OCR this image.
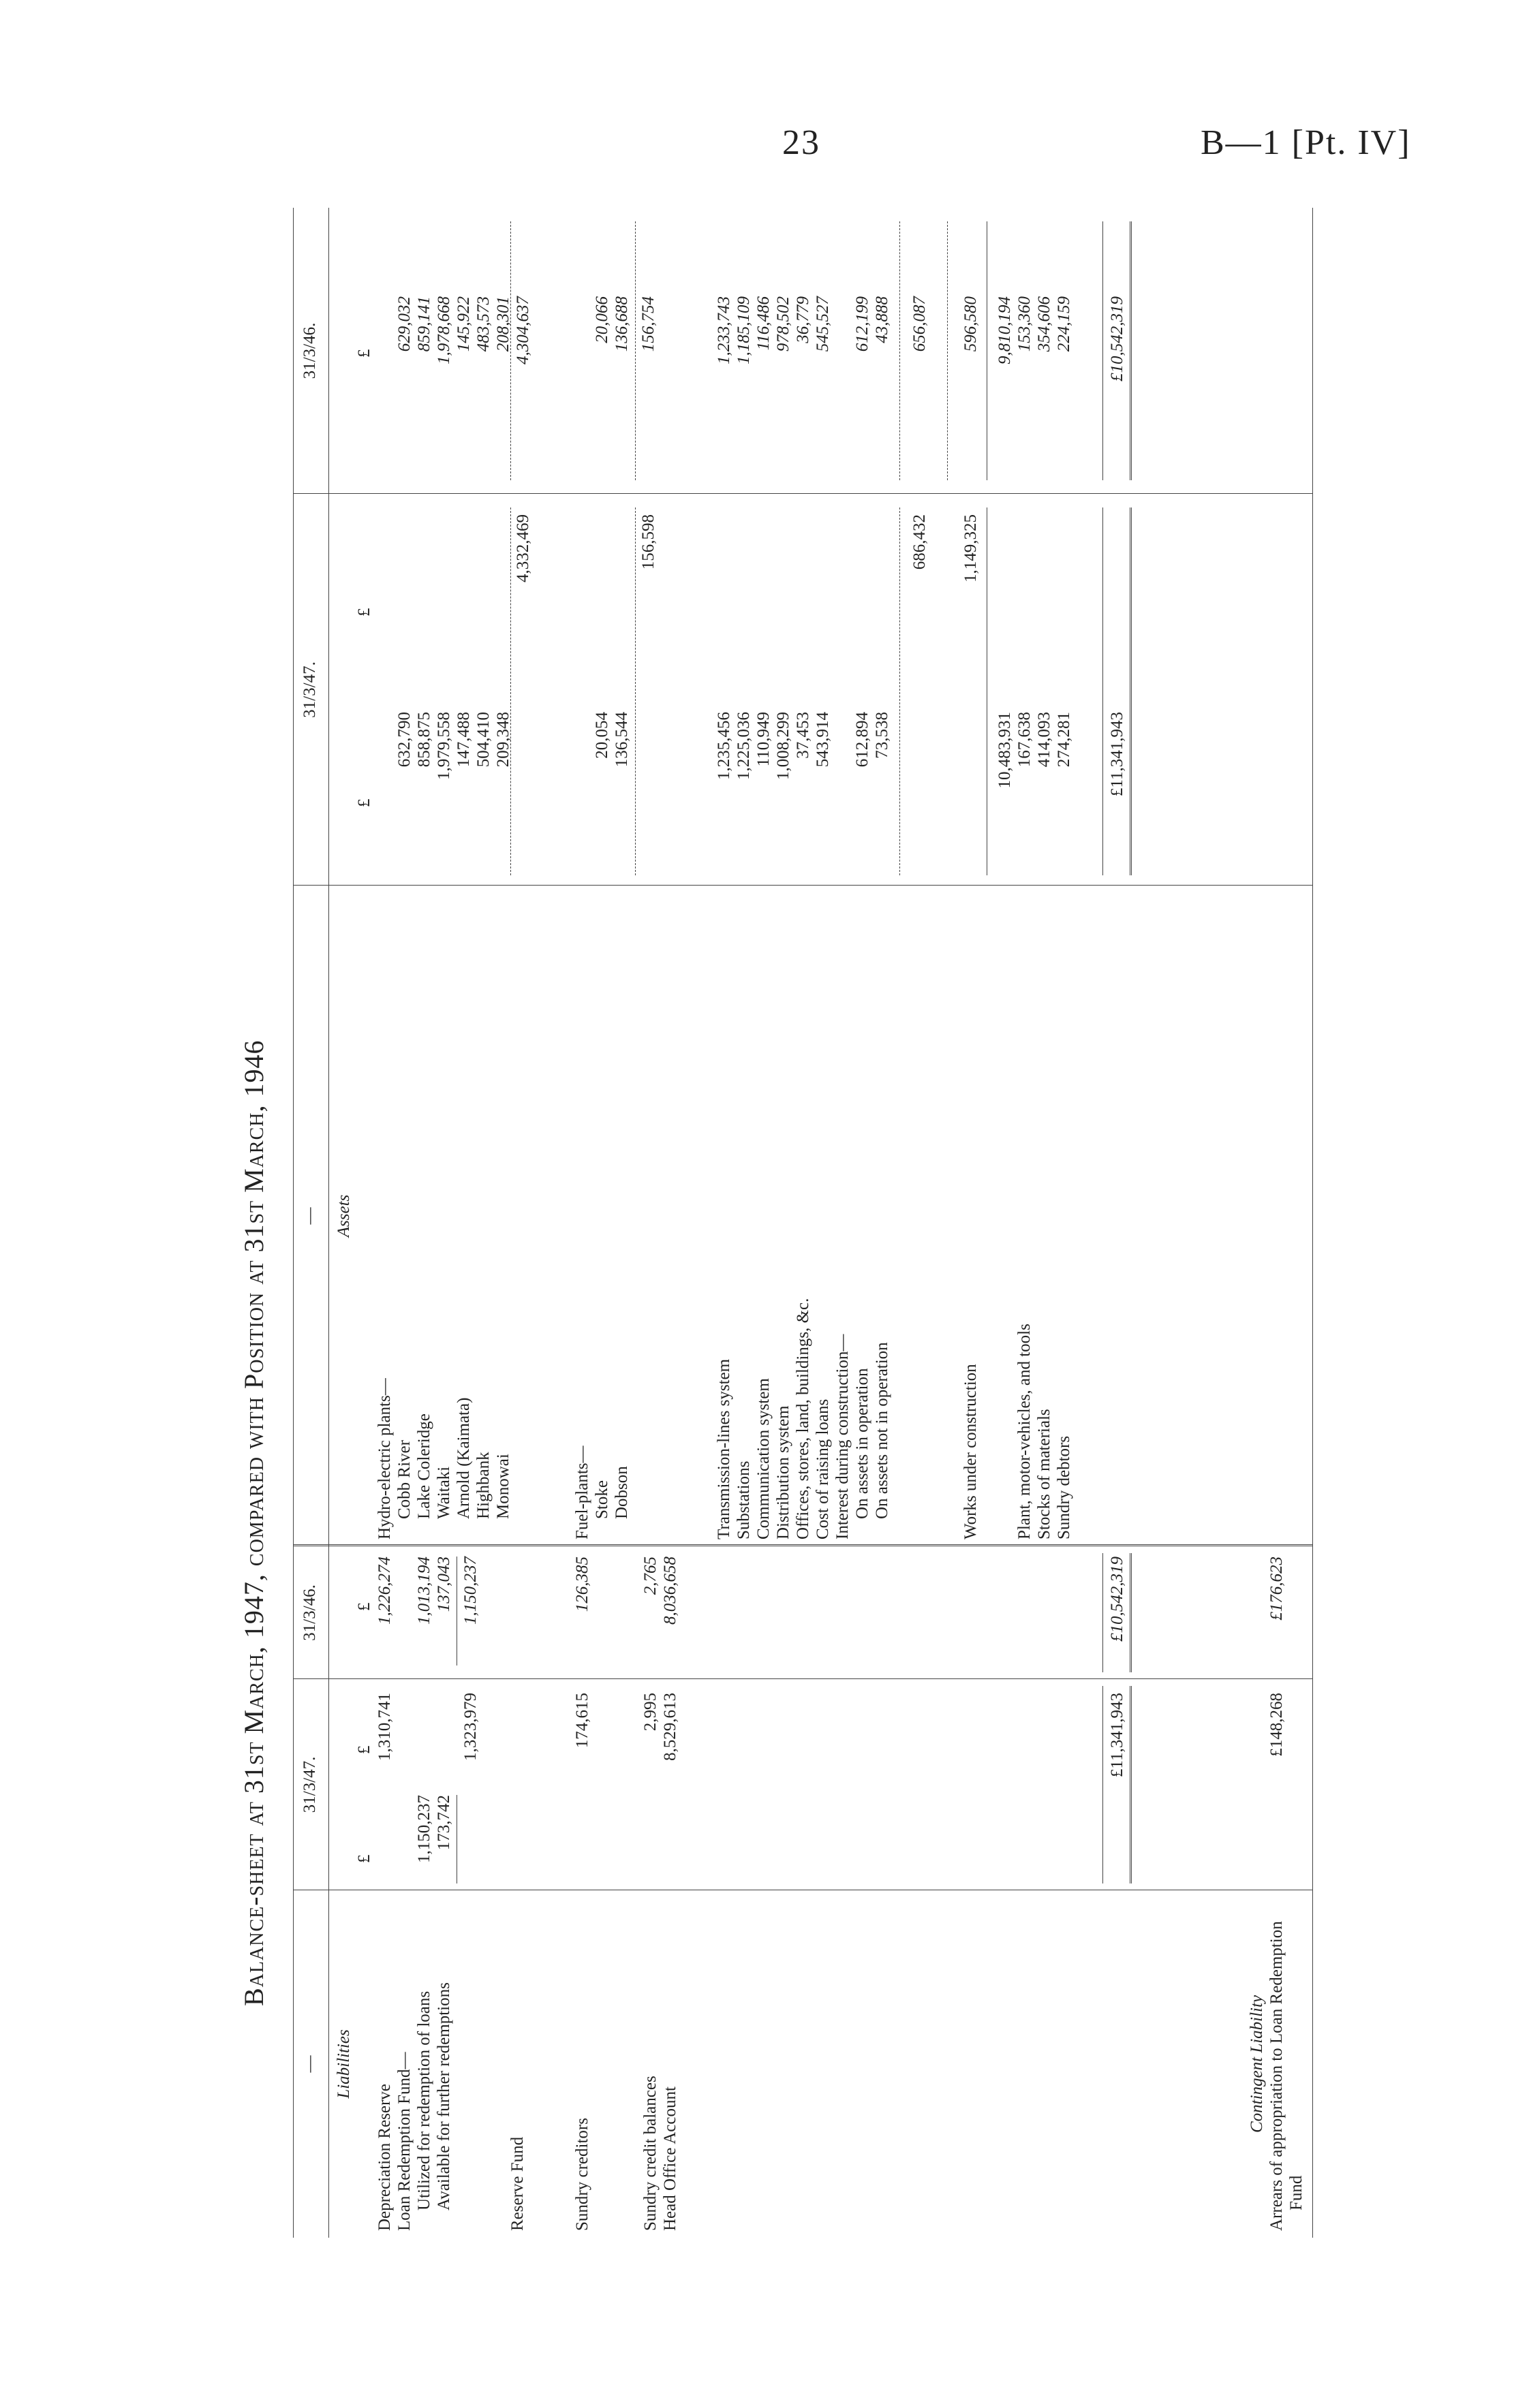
23	B—1 [Pt. IV]
Balance-sheet at 31st March, 1947, compared with Position at 31st March, 1946
—
31/3/47.
31/3/46.
—
31/3/47.
31/3/46.
Liabilities
£
£
£
Depreciation Reserve
1,310,741
1,226,274
Loan Redemption Fund— Utilized for redemption of loans
1,150,237
1,013,194
Available for further redemptions
173,742
137,043
1,323,979
1,150,237
Reserve Fund	Sundry creditors
174,615
126,385
Sundry credit balances
2,995
2,765
Head Office Account
8,529,613
8,036,658
£11,341,943
£10,542,319
Contingent Liability Arrears of appropriation to Loan Redemption Fund
£148,268
£176,623
Assets
£
£
£
Hydro-electric plants— Cobb River
632,790
629,032
Lake Coleridge
858,875
859,141
Waitaki
1,979,558
1,978,668
Arnold (Kaimata)
147,488
145,922
Highbank
504,410
483,573
Monowai
209,348
208,301
4,332,469
4,304,637
Fuel-plants— Stoke
20,054
20,066
Dobson
136,544
136,688
156,598
156,754
Transmission-lines system
1,235,456
1,233,743
Substations
1,225,036
1,185,109
Communication system
110,949
116,486
Distribution system
1,008,299
978,502
Offices, stores, land, buildings, &c.
37,453
36,779
Cost of raising loans
543,914
545,527
Interest during construction— On assets in operation
612,894
612,199
On assets not in operation
73,538
43,888
686,432
656,087
Works under construction
1,149,325
596,580
10,483,931
9,810,194
Plant, motor-vehicles, and tools
167,638
153,360
Stocks of materials
414,093
354,606
Sundry debtors
274,281
224,159
£11,341,943
£10,542,319
